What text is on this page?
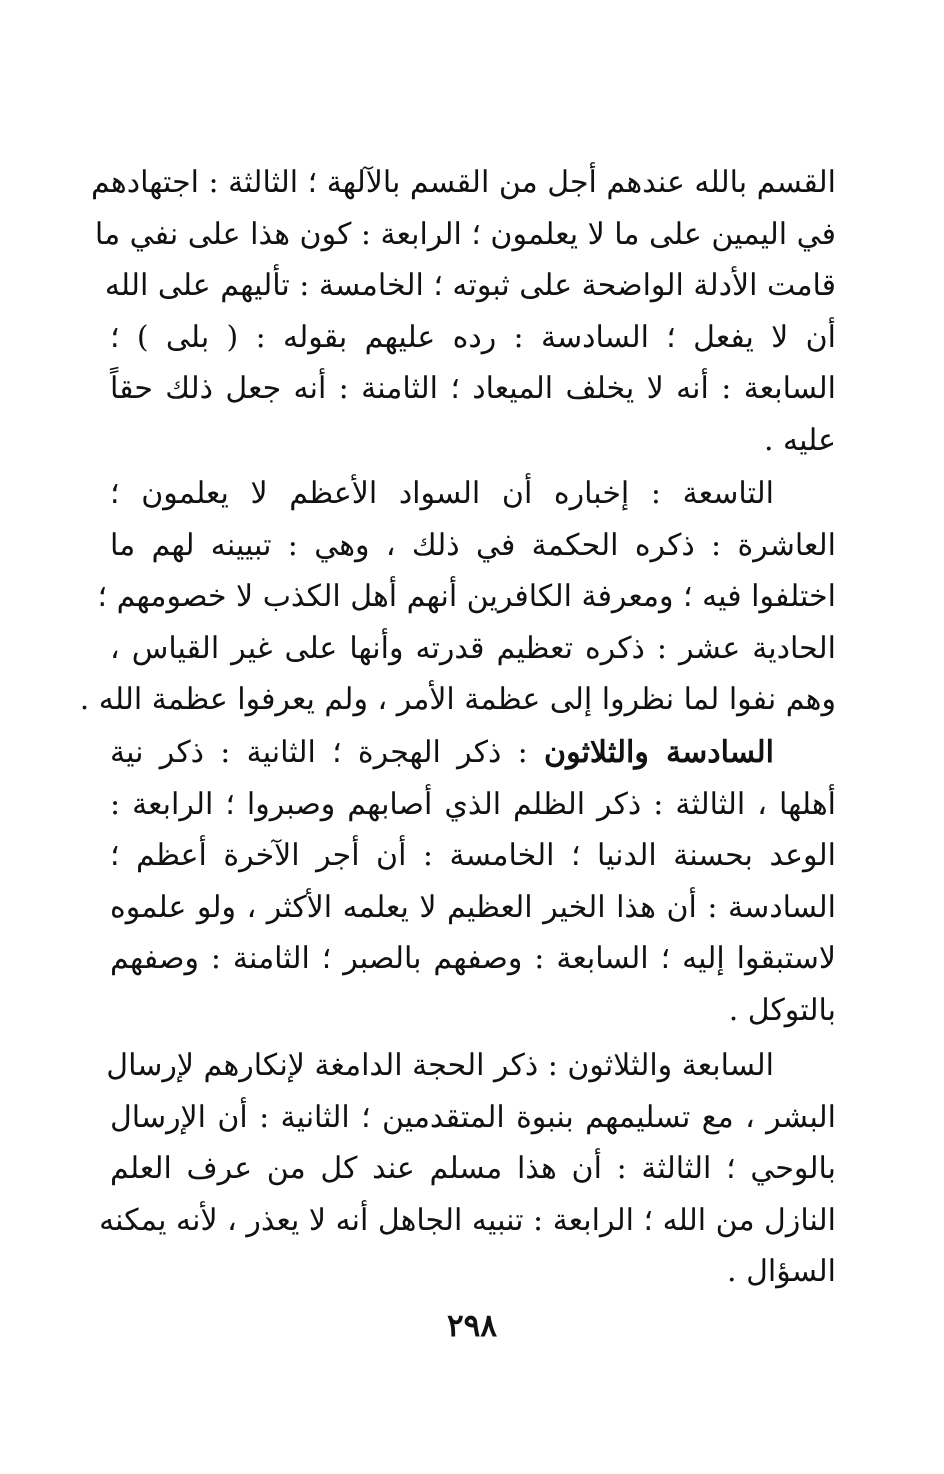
القسم بالله عندهم أجل من القسم بالآلهة ؛ الثالثة : اجتهادهم
في اليمين على ما لا يعلمون ؛ الرابعة : كون هذا على نفي ما
قامت الأدلة الواضحة على ثبوته ؛ الخامسة : تأليهم على الله
أن لا يفعل ؛ السادسة : رده عليهم بقوله : ( بلى ) ؛
السابعة : أنه لا يخلف الميعاد ؛ الثامنة : أنه جعل ذلك حقاً
عليه .
التاسعة : إخباره أن السواد الأعظم لا يعلمون ؛
العاشرة : ذكره الحكمة في ذلك ، وهي : تبيينه لهم ما
اختلفوا فيه ؛ ومعرفة الكافرين أنهم أهل الكذب لا خصومهم ؛
الحادية عشر : ذكره تعظيم قدرته وأنها على غير القياس ،
وهم نفوا لما نظروا إلى عظمة الأمر ، ولم يعرفوا عظمة الله .
السادسة والثلاثون : ذكر الهجرة ؛ الثانية : ذكر نية
أهلها ، الثالثة : ذكر الظلم الذي أصابهم وصبروا ؛ الرابعة :
الوعد بحسنة الدنيا ؛ الخامسة : أن أجر الآخرة أعظم ؛
السادسة : أن هذا الخير العظيم لا يعلمه الأكثر ، ولو علموه
لاستبقوا إليه ؛ السابعة : وصفهم بالصبر ؛ الثامنة : وصفهم
بالتوكل .
السابعة والثلاثون : ذكر الحجة الدامغة لإنكارهم لإرسال
البشر ، مع تسليمهم بنبوة المتقدمين ؛ الثانية : أن الإرسال
بالوحي ؛ الثالثة : أن هذا مسلم عند كل من عرف العلم
النازل من الله ؛ الرابعة : تنبيه الجاهل أنه لا يعذر ، لأنه يمكنه
السؤال .
٢٩٨
